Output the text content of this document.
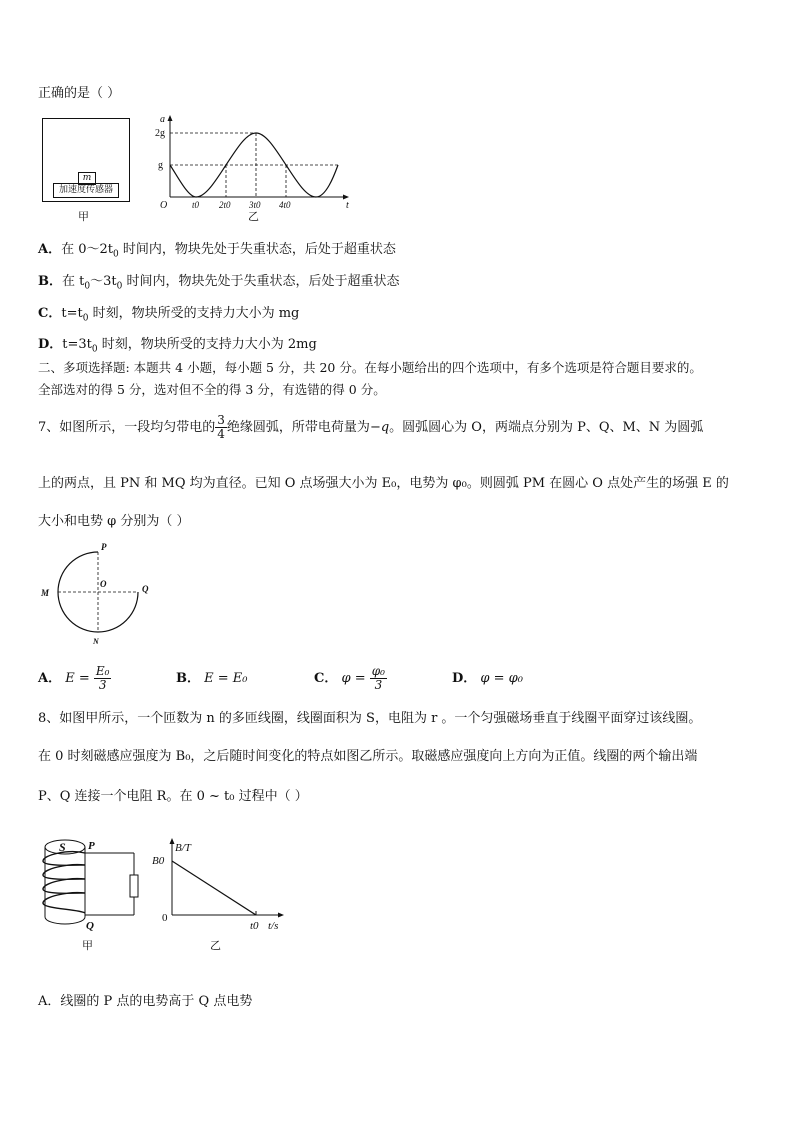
正确的是（ ）
m
加速度传感器
甲
a
2g
g
O	t0 2t0 3t0 4t0	t
乙
A．在 $0\sim 2t_0$ 时间内，物块先处于失重状态，后处于超重状态
B．在 $t_0\sim 3t_0$ 时间内，物块先处于失重状态，后处于超重状态
C．$t=t_0$ 时刻，物块所受的支持力大小为 mg
D．$t=3t_0$ 时刻，物块所受的支持力大小为 2mg
二、多项选择题: 本题共 4 小题，每小题 5 分，共 20 分。在每小题给出的四个选项中，有多个选项是符合题目要求的。
全部选对的得 5 分，选对但不全的得 3 分，有选错的得 0 分。
7、如图所示，一段均匀带电的 $\frac{3}{4}$ 绝缘圆弧，所带电荷量为−q。圆弧圆心为 O，两端点分别为 P、Q、M、N 为圆弧
上的两点，且 PN 和 MQ 均为直径。已知 O 点场强大小为 E₀，电势为 φ₀。则圆弧 PM 在圆心 O 点处产生的场强 E 的
大小和电势 φ 分别为（ ）
P
O
M	Q
N
A． $E = \frac{\text{E₀}}{3}$	B． E = E₀	C． $\varphi = \frac{\text{φ₀}}{3}$	D． φ = φ₀
8、如图甲所示，一个匝数为 n 的多匝线圈，线圈面积为 S，电阻为 r 。一个匀强磁场垂直于线圈平面穿过该线圈。
在 0 时刻磁感应强度为 B₀，之后随时间变化的特点如图乙所示。取磁感应强度向上方向为正值。线圈的两个输出端
P、Q 连接一个电阻 R。在 0 ~ t₀ 过程中（ ）
S P
Q
甲
B/T
B0
0
t0 t/s
乙
A．线圈的 P 点的电势高于 Q 点电势
